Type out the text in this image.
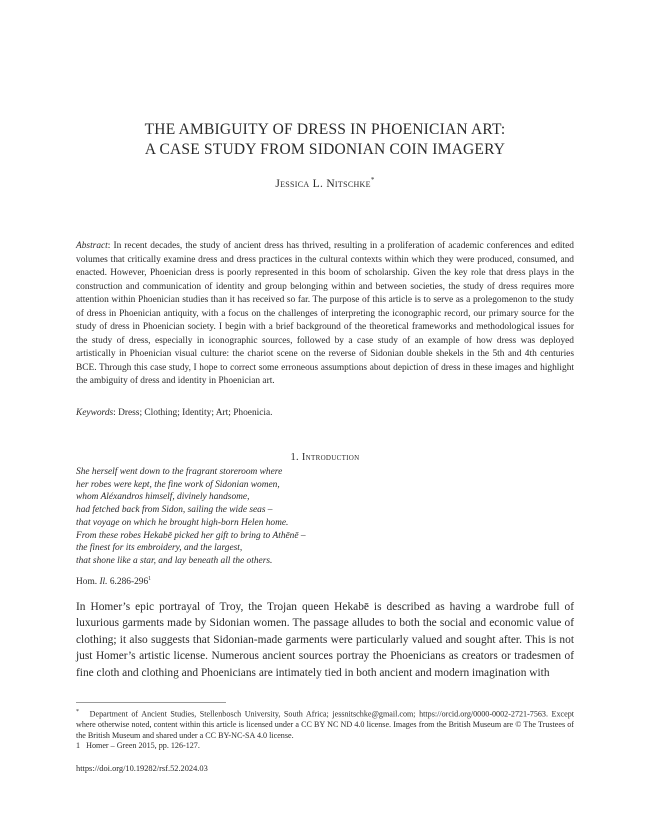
THE AMBIGUITY OF DRESS IN PHOENICIAN ART:
A CASE STUDY FROM SIDONIAN COIN IMAGERY
Jessica L. Nitschke*

Abstract: In recent decades, the study of ancient dress has thrived, resulting in a proliferation of academic conferences and edited volumes that critically examine dress and dress practices in the cultural contexts within which they were produced, consumed, and enacted. However, Phoenician dress is poorly represented in this boom of scholarship. Given the key role that dress plays in the construction and communication of identity and group belonging within and between societies, the study of dress requires more attention within Phoenician studies than it has received so far. The purpose of this article is to serve as a prolegomenon to the study of dress in Phoenician antiquity, with a focus on the challenges of interpreting the iconographic record, our primary source for the study of dress in Phoenician society. I begin with a brief background of the theoretical frameworks and methodological issues for the study of dress, especially in iconographic sources, followed by a case study of an example of how dress was deployed artistically in Phoenician visual culture: the chariot scene on the reverse of Sidonian double shekels in the 5th and 4th centuries BCE. Through this case study, I hope to correct some erroneous assumptions about depiction of dress in these images and highlight the ambiguity of dress and identity in Phoenician art.

Keywords: Dress; Clothing; Identity; Art; Phoenicia.

1. Introduction

She herself went down to the fragrant storeroom where
her robes were kept, the fine work of Sidonian women,
whom Aléxandros himself, divinely handsome,
had fetched back from Sidon, sailing the wide seas –
that voyage on which he brought high-born Helen home.
From these robes Hekabē picked her gift to bring to Athēnē –
the finest for its embroidery, and the largest,
that shone like a star, and lay beneath all the others.

Hom. Il. $6.286-296^1$

In Homer’s epic portrayal of Troy, the Trojan queen Hekabē is described as having a wardrobe full of luxurious garments made by Sidonian women. The passage alludes to both the social and economic value of clothing; it also suggests that Sidonian-made garments were particularly valued and sought after. This is not just Homer’s artistic license. Numerous ancient sources portray the Phoenicians as creators or tradesmen of fine cloth and clothing and Phoenicians are intimately tied in both ancient and modern imagination with

* Department of Ancient Studies, Stellenbosch University, South Africa; jessnitschke@gmail.com; https://orcid.org/0000-0002-2721-7563. Except where otherwise noted, content within this article is licensed under a CC BY NC ND 4.0 license. Images from the British Museum are © The Trustees of the British Museum and shared under a CC BY-NC-SA 4.0 license.
1 Homer – Green 2015, pp. 126-127.

https://doi.org/10.19282/rsf.52.2024.03
